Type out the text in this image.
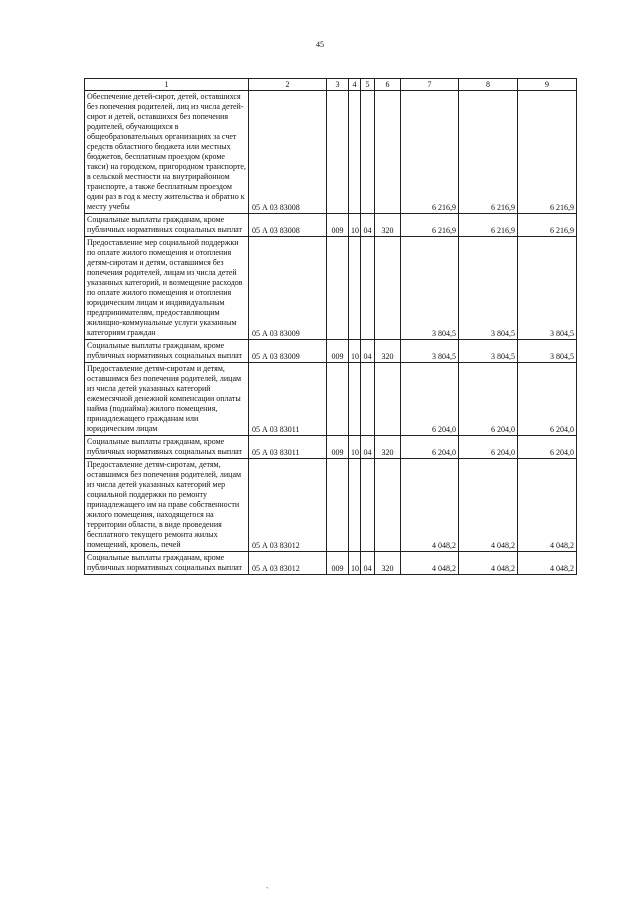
45
1	2	3	4	5	6	7	8	9
Обеспечение детей-сирот, детей, оставшихся без попечения родителей, лиц из числа детей-сирот и детей, оставшихся без попечения родителей, обучающихся в общеобразовательных организациях за счет средств областного бюджета или местных бюджетов, бесплатным проездом (кроме такси) на городском, пригородном транспорте, в сельской местности на внутрирайонном транспорте, а также бесплатным проездом один раз в год к месту жительства и обратно к месту учебы	05 А 03 83008					6 216,9	6 216,9	6 216,9
Социальные выплаты гражданам, кроме публичных нормативных социальных выплат	05 А 03 83008	009	10	04	320	6 216,9	6 216,9	6 216,9
Предоставление мер социальной поддержки по оплате жилого помещения и отопления детям-сиротам и детям, оставшимся без попечения родителей, лицам из числа детей указанных категорий, и возмещение расходов по оплате жилого помещения и отопления юридическим лицам и индивидуальным предпринимателям, предоставляющим жилищно-коммунальные услуги указанным категориям граждан	05 А 03 83009					3 804,5	3 804,5	3 804,5
Социальные выплаты гражданам, кроме публичных нормативных социальных выплат	05 А 03 83009	009	10	04	320	3 804,5	3 804,5	3 804,5
Предоставление детям-сиротам и детям, оставшимся без попечения родителей, лицам из числа детей указанных категорий ежемесячной денежной компенсации оплаты найма (поднайма) жилого помещения, принадлежащего гражданам или юридическим лицам	05 А 03 83011					6 204,0	6 204,0	6 204,0
Социальные выплаты гражданам, кроме публичных нормативных социальных выплат	05 А 03 83011	009	10	04	320	6 204,0	6 204,0	6 204,0
Предоставление детям-сиротам, детям, оставшимся без попечения родителей, лицам из числа детей указанных категорий мер социальной поддержки по ремонту принадлежащего им на праве собственности жилого помещения, находящегося на территории области, в виде проведения бесплатного текущего ремонта жилых помещений, кровель, печей	05 А 03 83012					4 048,2	4 048,2	4 048,2
Социальные выплаты гражданам, кроме публичных нормативных социальных выплат	05 А 03 83012	009	10	04	320	4 048,2	4 048,2	4 048,2
`
